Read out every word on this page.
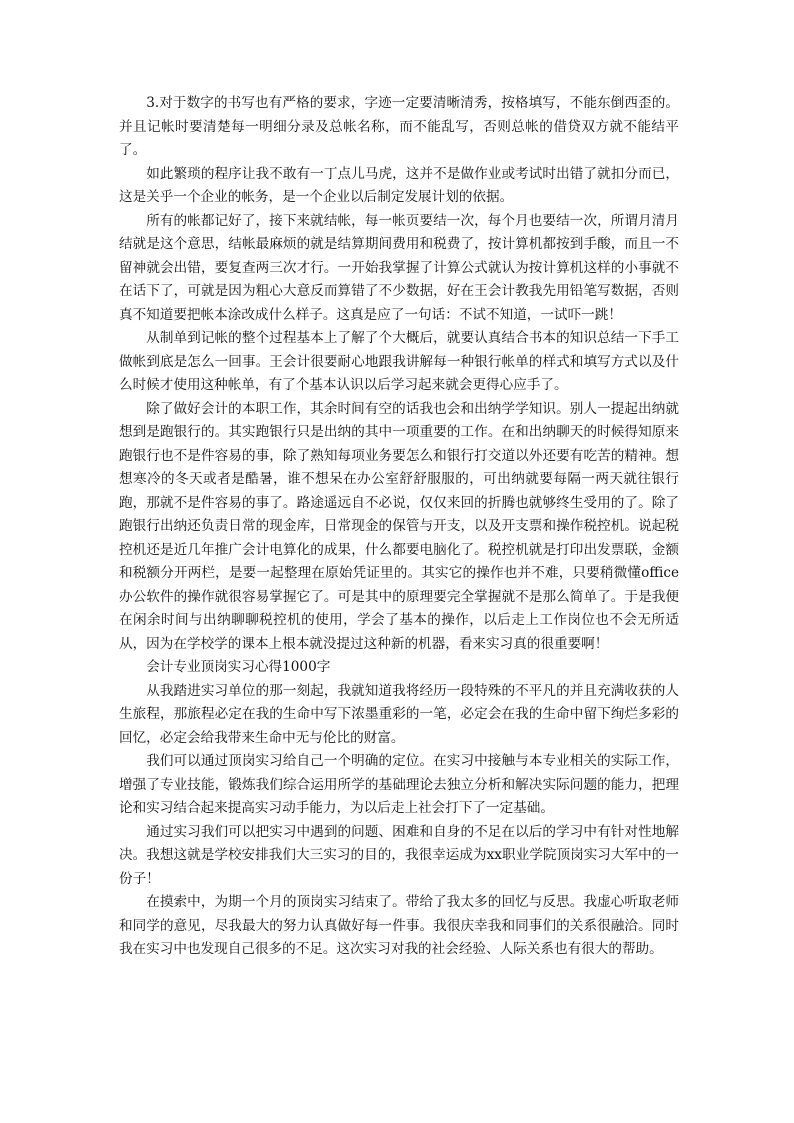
3.对于数字的书写也有严格的要求，字迹一定要清晰清秀，按格填写，不能东倒西歪的。并且记帐时要清楚每一明细分录及总帐名称，而不能乱写，否则总帐的借贷双方就不能结平了。

如此繁琐的程序让我不敢有一丁点儿马虎，这并不是做作业或考试时出错了就扣分而已，这是关乎一个企业的帐务，是一个企业以后制定发展计划的依据。

所有的帐都记好了，接下来就结帐，每一帐页要结一次，每个月也要结一次，所谓月清月结就是这个意思，结帐最麻烦的就是结算期间费用和税费了，按计算机都按到手酸，而且一不留神就会出错，要复查两三次才行。一开始我掌握了计算公式就认为按计算机这样的小事就不在话下了，可就是因为粗心大意反而算错了不少数据，好在王会计教我先用铅笔写数据，否则真不知道要把帐本涂改成什么样子。这真是应了一句话：不试不知道，一试吓一跳！

从制单到记帐的整个过程基本上了解了个大概后，就要认真结合书本的知识总结一下手工做帐到底是怎么一回事。王会计很要耐心地跟我讲解每一种银行帐单的样式和填写方式以及什么时候才使用这种帐单，有了个基本认识以后学习起来就会更得心应手了。

除了做好会计的本职工作，其余时间有空的话我也会和出纳学学知识。别人一提起出纳就想到是跑银行的。其实跑银行只是出纳的其中一项重要的工作。在和出纳聊天的时候得知原来跑银行也不是件容易的事，除了熟知每项业务要怎么和银行打交道以外还要有吃苦的精神。想想寒冷的冬天或者是酷暑，谁不想呆在办公室舒舒服服的，可出纳就要每隔一两天就往银行跑，那就不是件容易的事了。路途遥远自不必说，仅仅来回的折腾也就够终生受用的了。除了跑银行出纳还负责日常的现金库，日常现金的保管与开支，以及开支票和操作税控机。说起税控机还是近几年推广会计电算化的成果，什么都要电脑化了。税控机就是打印出发票联，金额和税额分开两栏，是要一起整理在原始凭证里的。其实它的操作也并不难，只要稍微懂office办公软件的操作就很容易掌握它了。可是其中的原理要完全掌握就不是那么简单了。于是我便在闲余时间与出纳聊聊税控机的使用，学会了基本的操作，以后走上工作岗位也不会无所适从，因为在学校学的课本上根本就没提过这种新的机器，看来实习真的很重要啊！

会计专业顶岗实习心得1000字

从我踏进实习单位的那一刻起，我就知道我将经历一段特殊的不平凡的并且充满收获的人生旅程，那旅程必定在我的生命中写下浓墨重彩的一笔，必定会在我的生命中留下绚烂多彩的回忆，必定会给我带来生命中无与伦比的财富。

我们可以通过顶岗实习给自己一个明确的定位。在实习中接触与本专业相关的实际工作，增强了专业技能，锻炼我们综合运用所学的基础理论去独立分析和解决实际问题的能力，把理论和实习结合起来提高实习动手能力，为以后走上社会打下了一定基础。

通过实习我们可以把实习中遇到的问题、困难和自身的不足在以后的学习中有针对性地解决。我想这就是学校安排我们大三实习的目的，我很幸运成为xx职业学院顶岗实习大军中的一份子！

在摸索中，为期一个月的顶岗实习结束了。带给了我太多的回忆与反思。我虚心听取老师和同学的意见，尽我最大的努力认真做好每一件事。我很庆幸我和同事们的关系很融洽。同时我在实习中也发现自己很多的不足。这次实习对我的社会经验、人际关系也有很大的帮助。
